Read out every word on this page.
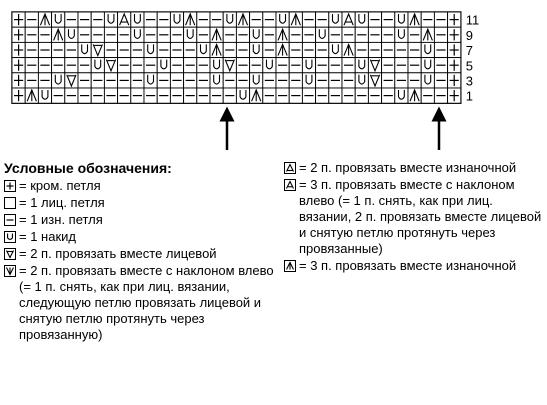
11
9
7
5
3
1
Условные обозначения:
= кром. петля
= 1 лиц. петля
= 1 изн. петля
= 1 накид
= 2 п. провязать вместе лицевой
= 2 п. провязать вместе с наклоном влево (= 1 п. снять, как при лиц. вязании, следующую петлю провязать лицевой и снятую петлю протянуть через провязанную)
= 2 п. провязать вместе изнаночной
= 3 п. провязать вместе с наклоном влево (= 1 п. снять, как при лиц. вязании, 2 п. провязать вместе лицевой и снятую петлю протянуть через провязанные)
= 3 п. провязать вместе изнаночной
